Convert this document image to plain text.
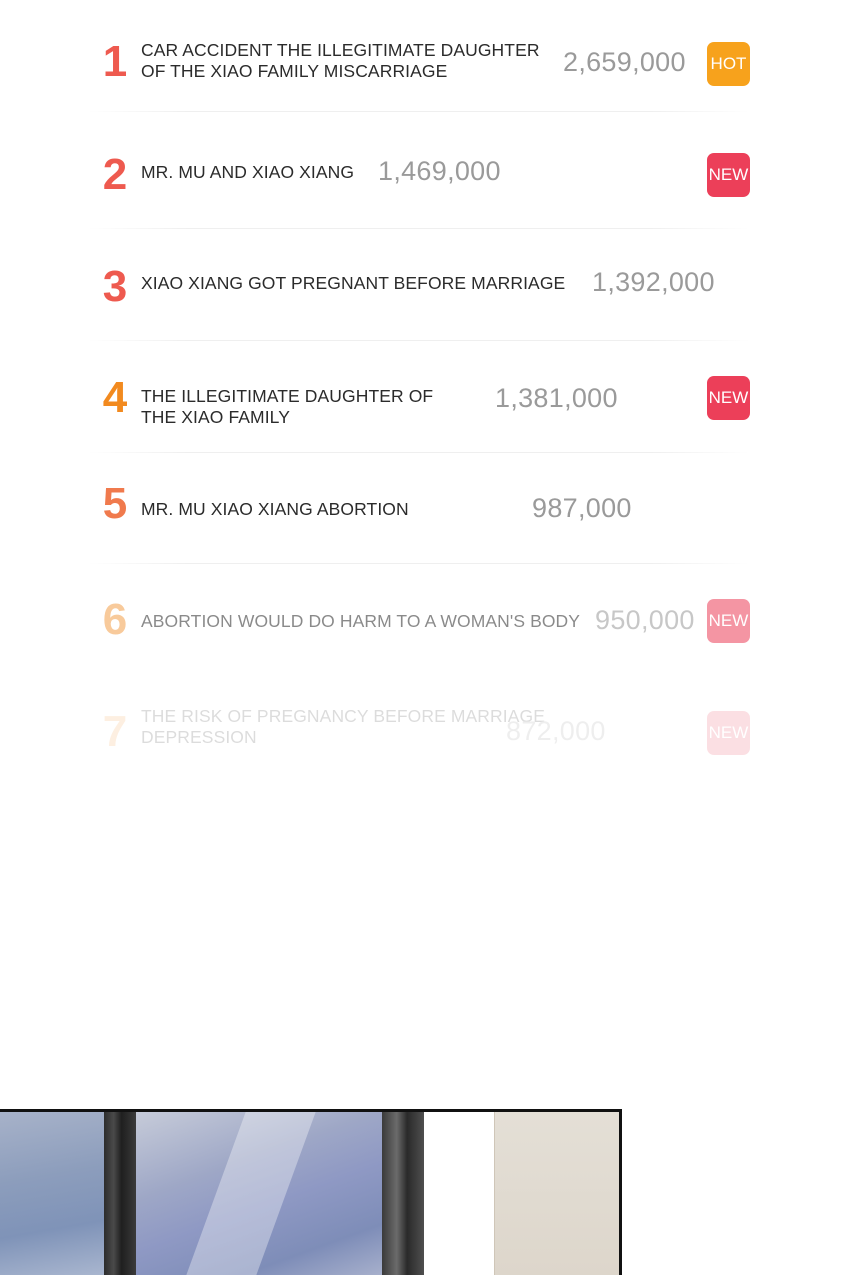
1 CAR ACCIDENT THE ILLEGITIMATE DAUGHTER
OF THE XIAO FAMILY MISCARRIAGE	2,659,000 HOT
2 MR. MU AND XIAO XIANG 1,469,000	NEW
3 XIAO XIANG GOT PREGNANT BEFORE MARRIAGE 1,392,000
4 THE ILLEGITIMATE DAUGHTER OF
THE XIAO FAMILY
1,381,000	NEW
5 MR. MU XIAO XIANG ABORTION	987,000
6 ABORTION WOULD DO HARM TO A WOMAN'S BODY 950,000 NEW
7 THE RISK OF PREGNANCY BEFORE MARRIAGE
DEPRESSION	872,000	NEW
